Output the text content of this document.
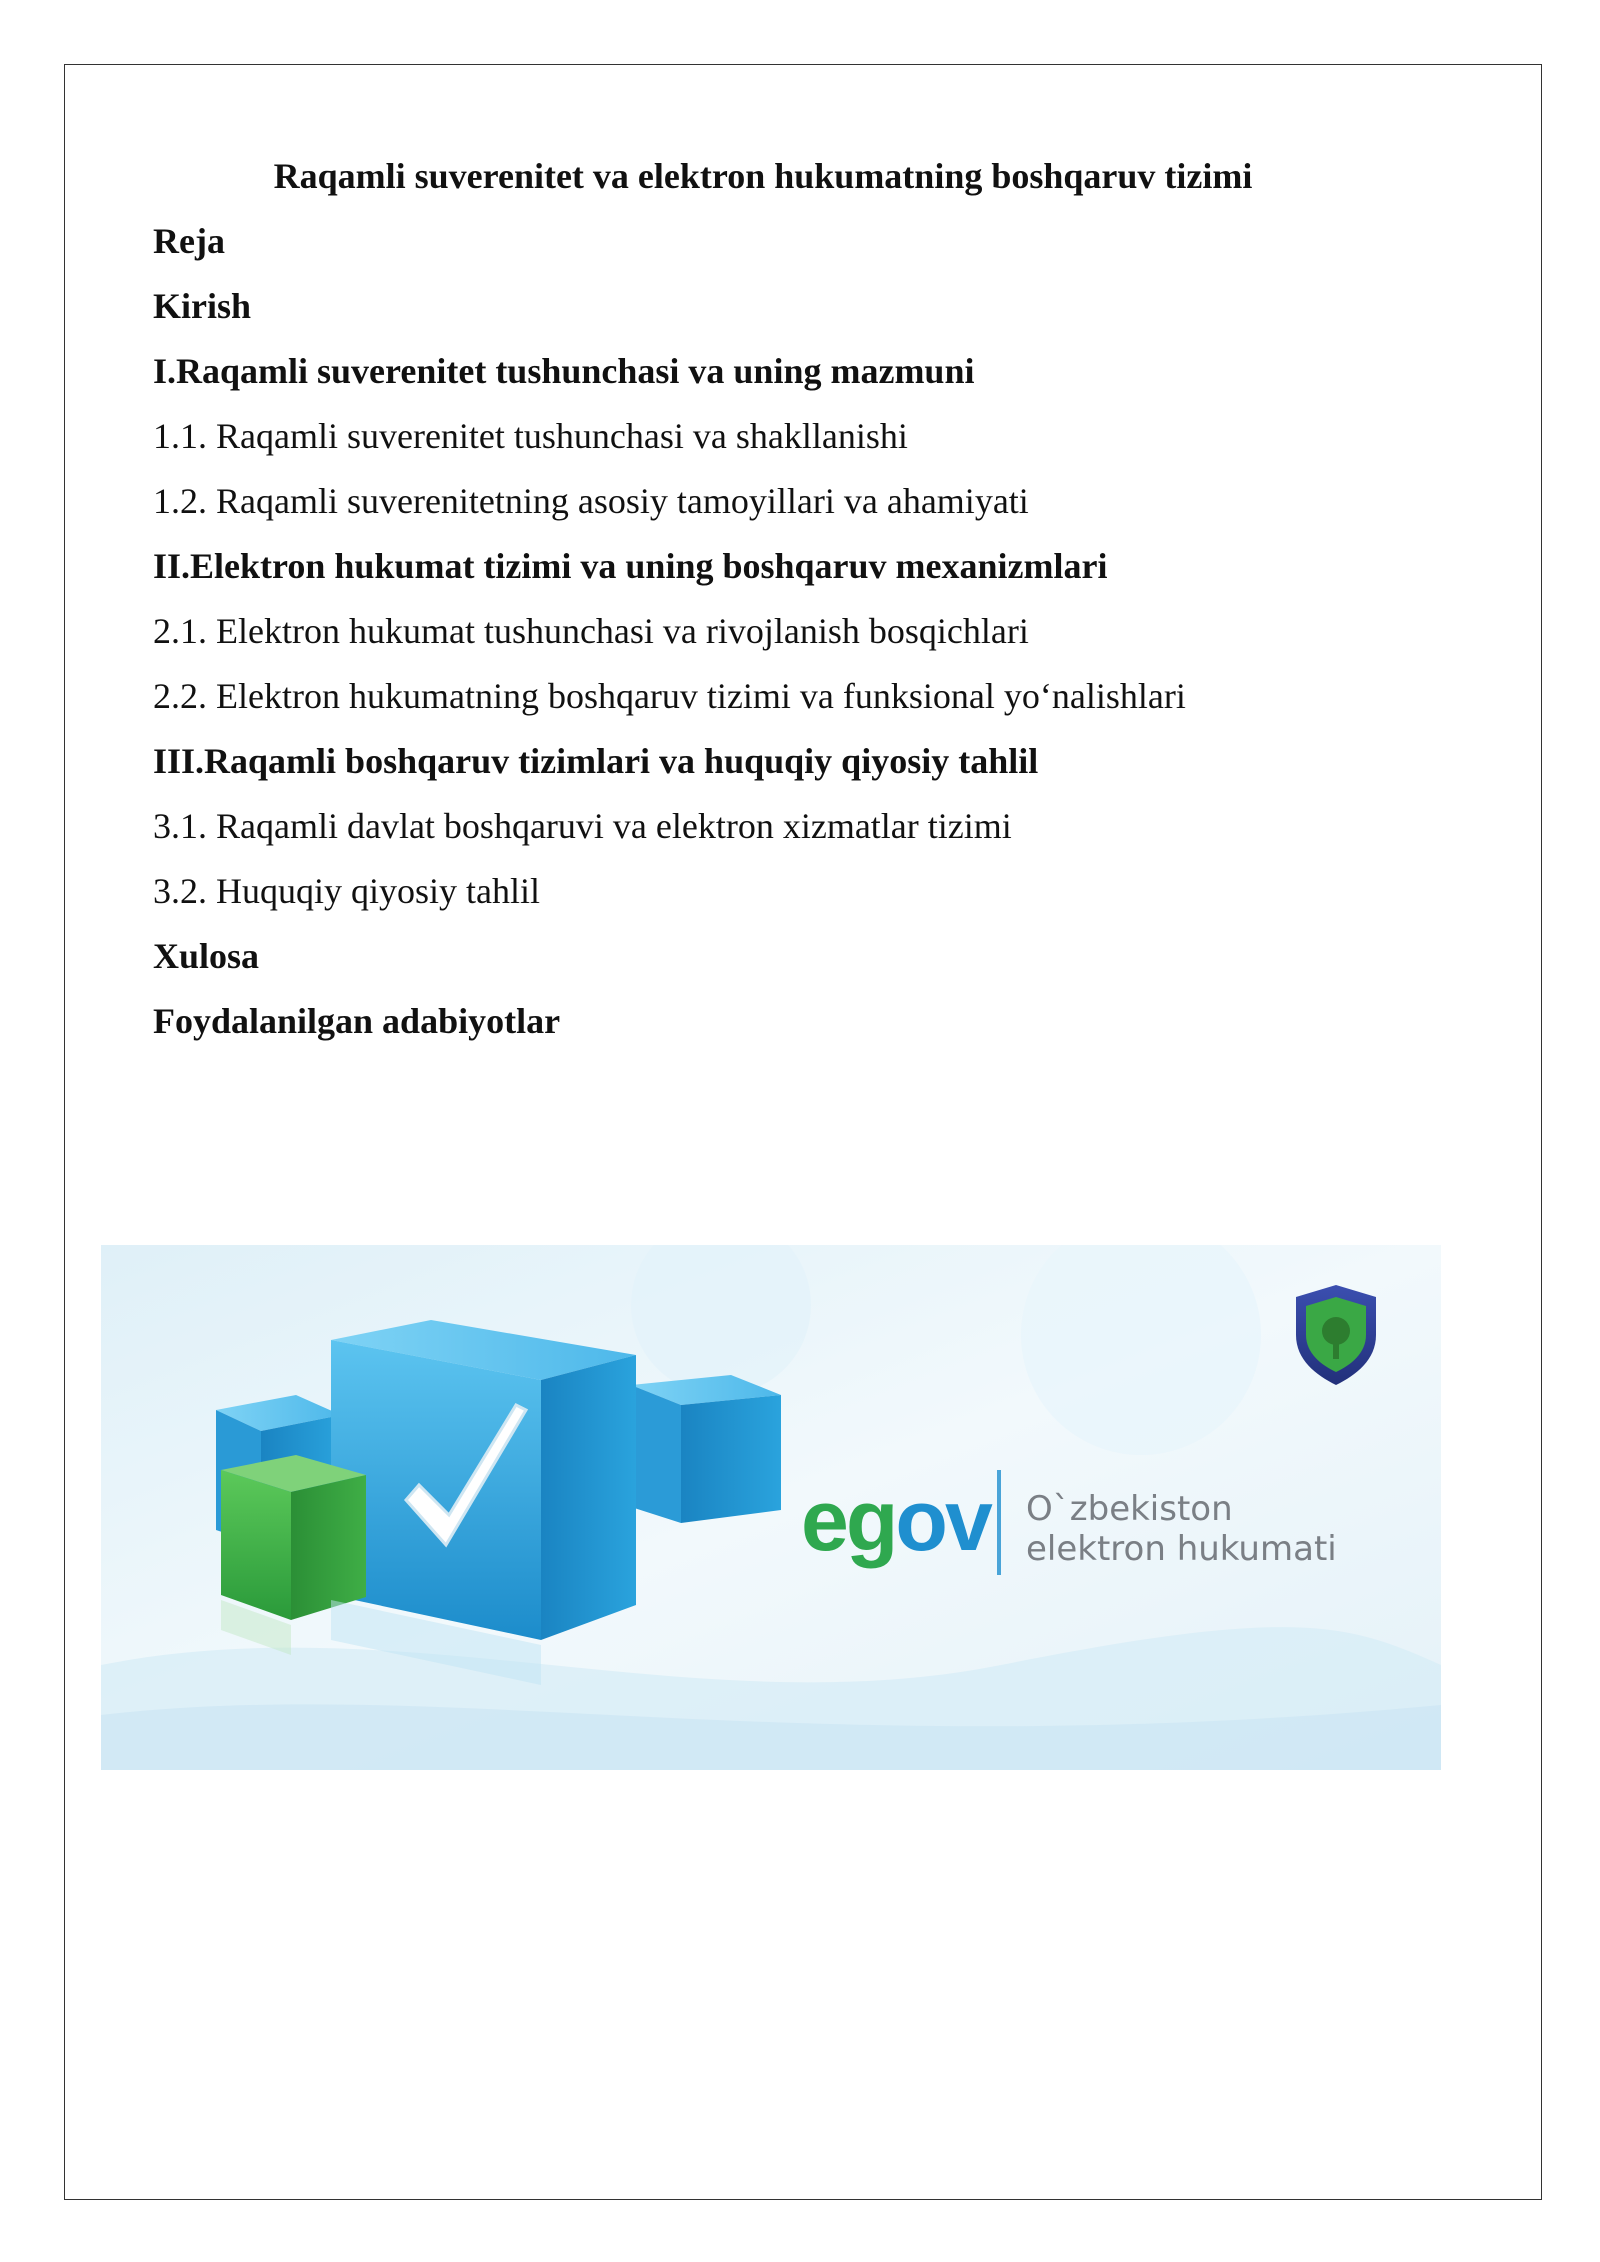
Raqamli suverenitet va elektron hukumatning boshqaruv tizimi
Reja
Kirish
I.Raqamli suverenitet tushunchasi va uning mazmuni
1.1. Raqamli suverenitet tushunchasi va shakllanishi
1.2. Raqamli suverenitetning asosiy tamoyillari va ahamiyati
II.Elektron hukumat tizimi va uning boshqaruv mexanizmlari
2.1. Elektron hukumat tushunchasi va rivojlanish bosqichlari
2.2. Elektron hukumatning boshqaruv tizimi va funksional yo‘nalishlari
III.Raqamli boshqaruv tizimlari va huquqiy qiyosiy tahlil
3.1. Raqamli davlat boshqaruvi va elektron xizmatlar tizimi
3.2. Huquqiy qiyosiy tahlil
Xulosa
Foydalanilgan adabiyotlar
egov O`zbekiston
elektron hukumati
